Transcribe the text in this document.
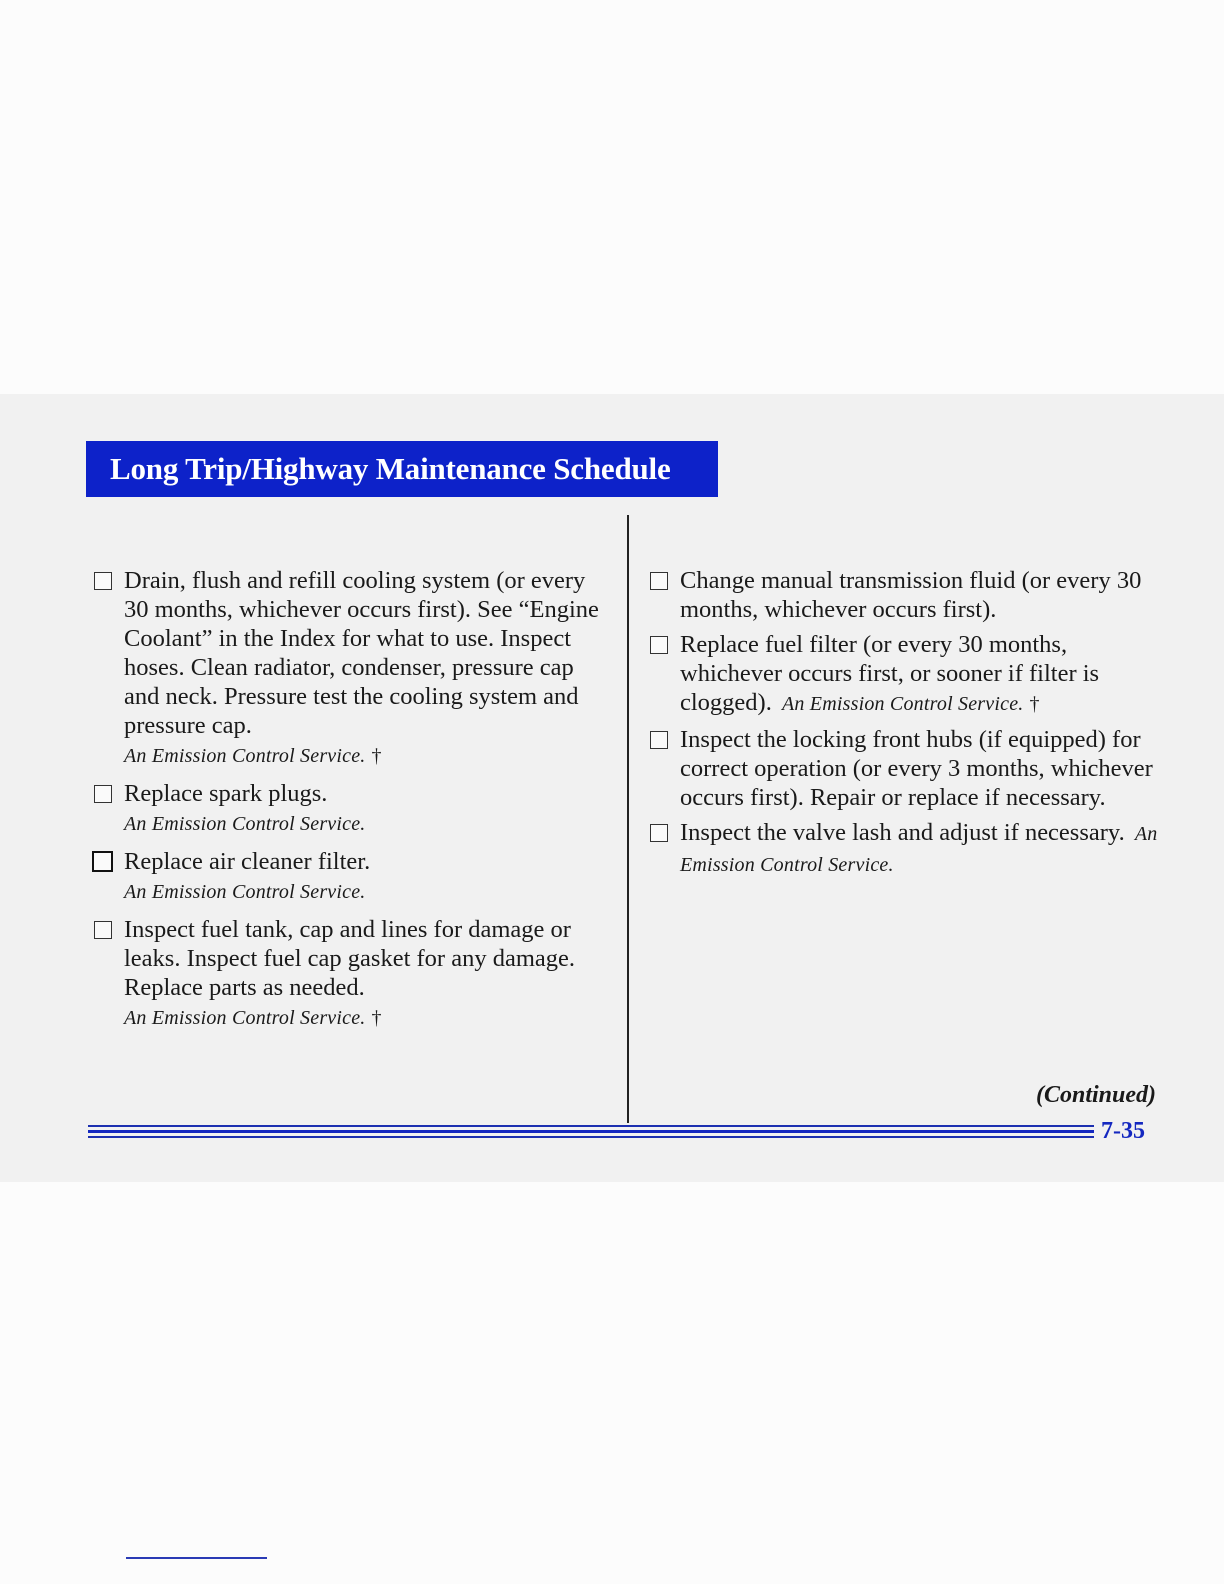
Long Trip/Highway Maintenance Schedule
Drain, flush and refill cooling system (or every 30 months, whichever occurs first). See “Engine Coolant” in the Index for what to use. Inspect hoses. Clean radiator, condenser, pressure cap and neck. Pressure test the cooling system and pressure cap.
An Emission Control Service. †
Replace spark plugs.
An Emission Control Service.
Replace air cleaner filter.
An Emission Control Service.
Inspect fuel tank, cap and lines for damage or leaks. Inspect fuel cap gasket for any damage. Replace parts as needed.
An Emission Control Service. †
Change manual transmission fluid (or every 30 months, whichever occurs first).
Replace fuel filter (or every 30 months, whichever occurs first, or sooner if filter is clogged). An Emission Control Service. †
Inspect the locking front hubs (if equipped) for correct operation (or every 3 months, whichever occurs first). Repair or replace if necessary.
Inspect the valve lash and adjust if necessary. An Emission Control Service.
(Continued)
7-35
